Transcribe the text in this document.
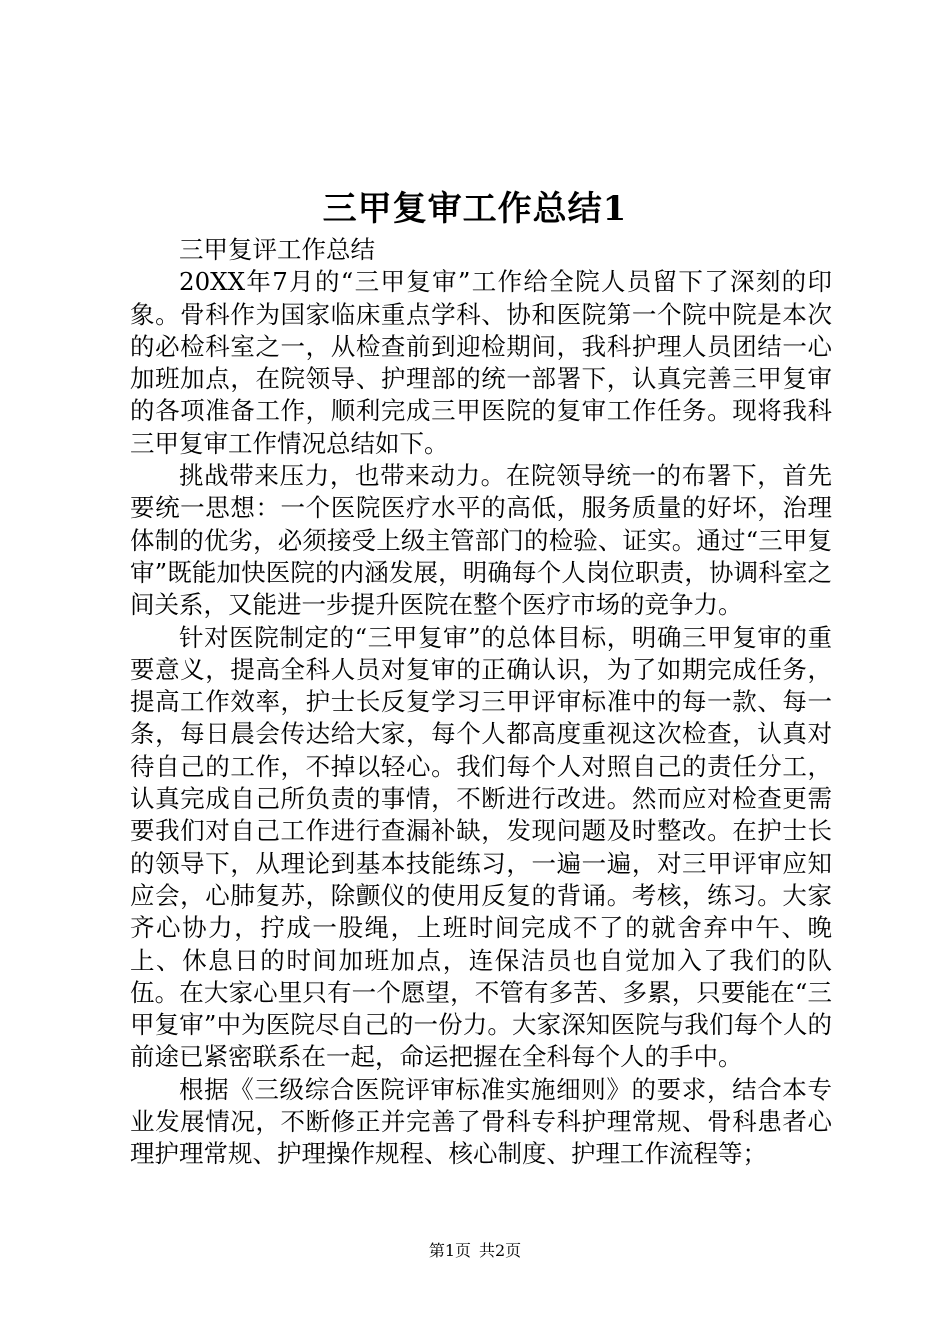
三甲复审工作总结1

三甲复评工作总结

20XX年7月的“三甲复审”工作给全院人员留下了深刻的印象。骨科作为国家临床重点学科、协和医院第一个院中院是本次的必检科室之一，从检查前到迎检期间，我科护理人员团结一心加班加点，在院领导、护理部的统一部署下，认真完善三甲复审的各项准备工作，顺利完成三甲医院的复审工作任务。现将我科三甲复审工作情况总结如下。

挑战带来压力，也带来动力。在院领导统一的布署下，首先要统一思想：一个医院医疗水平的高低，服务质量的好坏，治理体制的优劣，必须接受上级主管部门的检验、证实。通过“三甲复审”既能加快医院的内涵发展，明确每个人岗位职责，协调科室之间关系，又能进一步提升医院在整个医疗市场的竞争力。

针对医院制定的“三甲复审”的总体目标，明确三甲复审的重要意义，提高全科人员对复审的正确认识，为了如期完成任务，提高工作效率，护士长反复学习三甲评审标准中的每一款、每一条，每日晨会传达给大家，每个人都高度重视这次检查，认真对待自己的工作，不掉以轻心。我们每个人对照自己的责任分工，认真完成自己所负责的事情，不断进行改进。然而应对检查更需要我们对自己工作进行查漏补缺，发现问题及时整改。在护士长的领导下，从理论到基本技能练习，一遍一遍，对三甲评审应知应会，心肺复苏，除颤仪的使用反复的背诵。考核，练习。大家齐心协力，拧成一股绳，上班时间完成不了的就舍弃中午、晚上、休息日的时间加班加点，连保洁员也自觉加入了我们的队伍。在大家心里只有一个愿望，不管有多苦、多累，只要能在“三甲复审”中为医院尽自己的一份力。大家深知医院与我们每个人的前途已紧密联系在一起，命运把握在全科每个人的手中。

根据《三级综合医院评审标准实施细则》的要求，结合本专业发展情况，不断修正并完善了骨科专科护理常规、骨科患者心理护理常规、护理操作规程、核心制度、护理工作流程等；

第1页 共2页
